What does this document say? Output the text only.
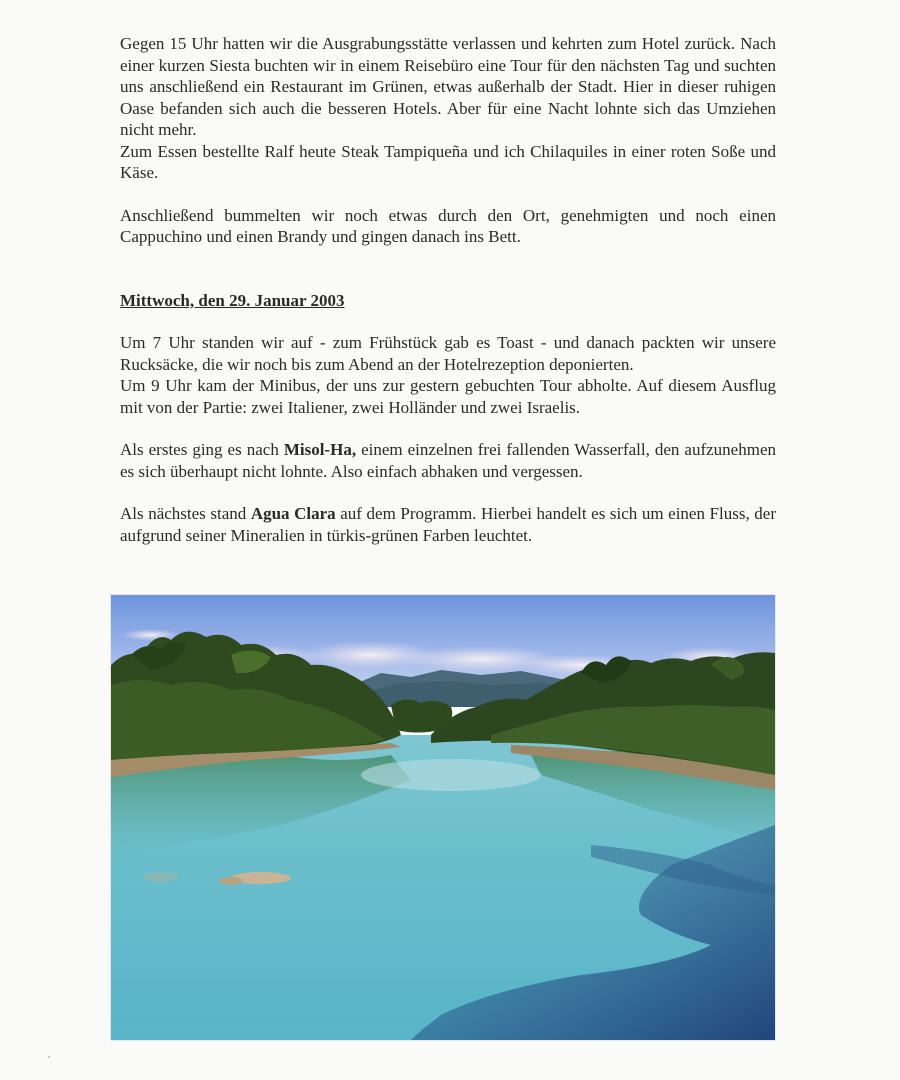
Gegen 15 Uhr hatten wir die Ausgrabungsstätte verlassen und kehrten zum Hotel zurück. Nach einer kurzen Siesta buchten wir in einem Reisebüro eine Tour für den nächsten Tag und suchten uns anschließend ein Restaurant im Grünen, etwas außerhalb der Stadt. Hier in dieser ruhigen Oase befanden sich auch die besseren Hotels. Aber für eine Nacht lohnte sich das Umziehen nicht mehr.

Zum Essen bestellte Ralf heute Steak Tampiqueña und ich Chilaquiles in einer roten Soße und Käse.

Anschließend bummelten wir noch etwas durch den Ort, genehmigten und noch einen Cappuchino und einen Brandy und gingen danach ins Bett.

Mittwoch, den 29. Januar 2003

Um 7 Uhr standen wir auf - zum Frühstück gab es Toast - und danach packten wir unsere Rucksäcke, die wir noch bis zum Abend an der Hotelrezeption deponierten.

Um 9 Uhr kam der Minibus, der uns zur gestern gebuchten Tour abholte. Auf diesem Ausflug mit von der Partie: zwei Italiener, zwei Holländer und zwei Israelis.

Als erstes ging es nach Misol-Ha, einem einzelnen frei fallenden Wasserfall, den aufzunehmen es sich überhaupt nicht lohnte. Also einfach abhaken und vergessen.

Als nächstes stand Agua Clara auf dem Programm. Hierbei handelt es sich um einen Fluss, der aufgrund seiner Mineralien in türkis-grünen Farben leuchtet.
